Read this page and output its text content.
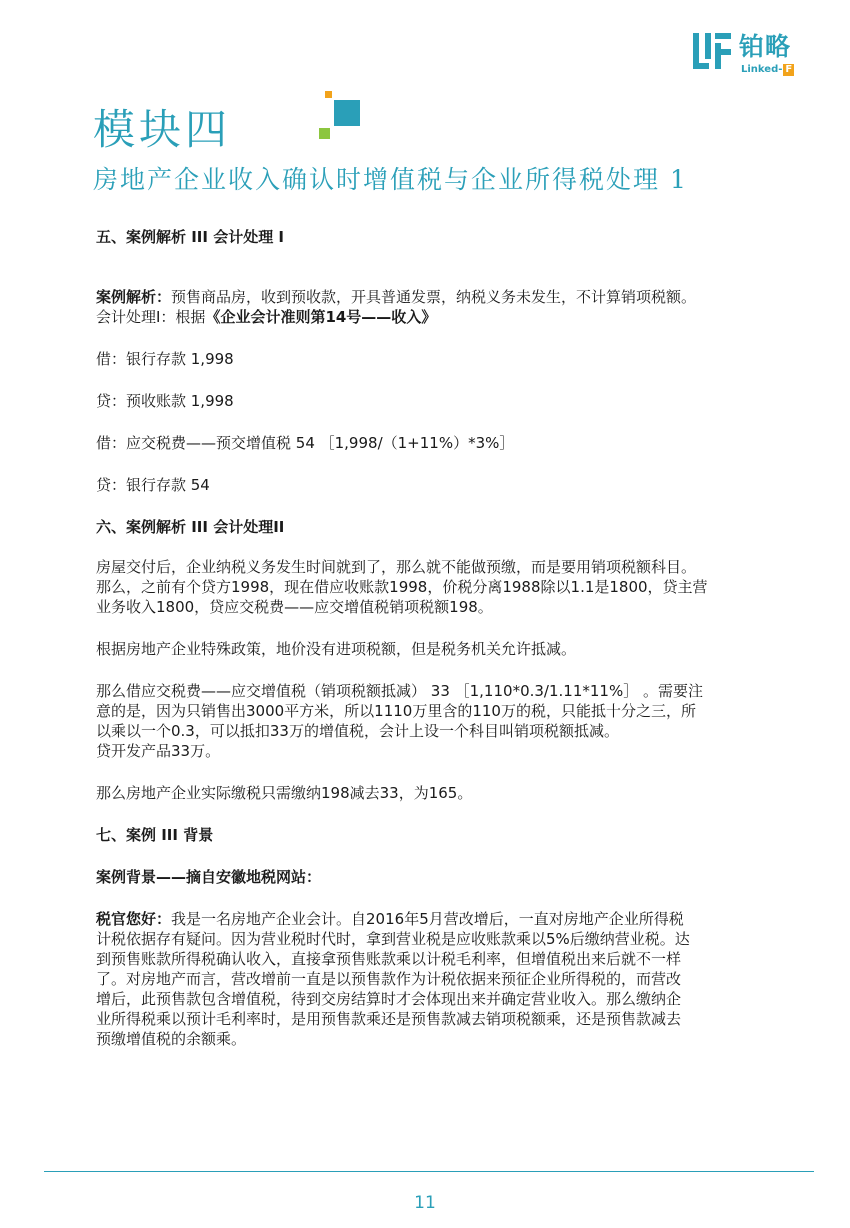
铂略
Linked- F
模块四
房地产企业收入确认时增值税与企业所得税处理 1

五、案例解析 III 会计处理 I

案例解析：预售商品房，收到预收款，开具普通发票，纳税义务未发生，不计算销项税额。

会计处理I：根据《企业会计准则第14号——收入》

借：银行存款 1,998

贷：预收账款 1,998

借：应交税费——预交增值税 54 ［1,998/（1+11%）*3%］

贷：银行存款 54

六、案例解析 III 会计处理II

房屋交付后，企业纳税义务发生时间就到了，那么就不能做预缴，而是要用销项税额科目。

那么，之前有个贷方1998，现在借应收账款1998，价税分离1988除以1.1是1800，贷主营

业务收入1800，贷应交税费——应交增值税销项税额198。

根据房地产企业特殊政策，地价没有进项税额，但是税务机关允许抵减。

那么借应交税费——应交增值税（销项税额抵减） 33 ［1,110*0.3/1.11*11%］ 。需要注

意的是，因为只销售出3000平方米，所以1110万里含的110万的税，只能抵十分之三，所

以乘以一个0.3，可以抵扣33万的增值税，会计上设一个科目叫销项税额抵减。

贷开发产品33万。

那么房地产企业实际缴税只需缴纳198减去33，为165。

七、案例 III 背景

案例背景——摘自安徽地税网站：

税官您好：我是一名房地产企业会计。自2016年5月营改增后，一直对房地产企业所得税

计税依据存有疑问。因为营业税时代时，拿到营业税是应收账款乘以5%后缴纳营业税。达

到预售账款所得税确认收入，直接拿预售账款乘以计税毛利率，但增值税出来后就不一样

了。对房地产而言，营改增前一直是以预售款作为计税依据来预征企业所得税的，而营改

增后，此预售款包含增值税，待到交房结算时才会体现出来并确定营业收入。那么缴纳企

业所得税乘以预计毛利率时，是用预售款乘还是预售款减去销项税额乘，还是预售款减去

预缴增值税的余额乘。

11
